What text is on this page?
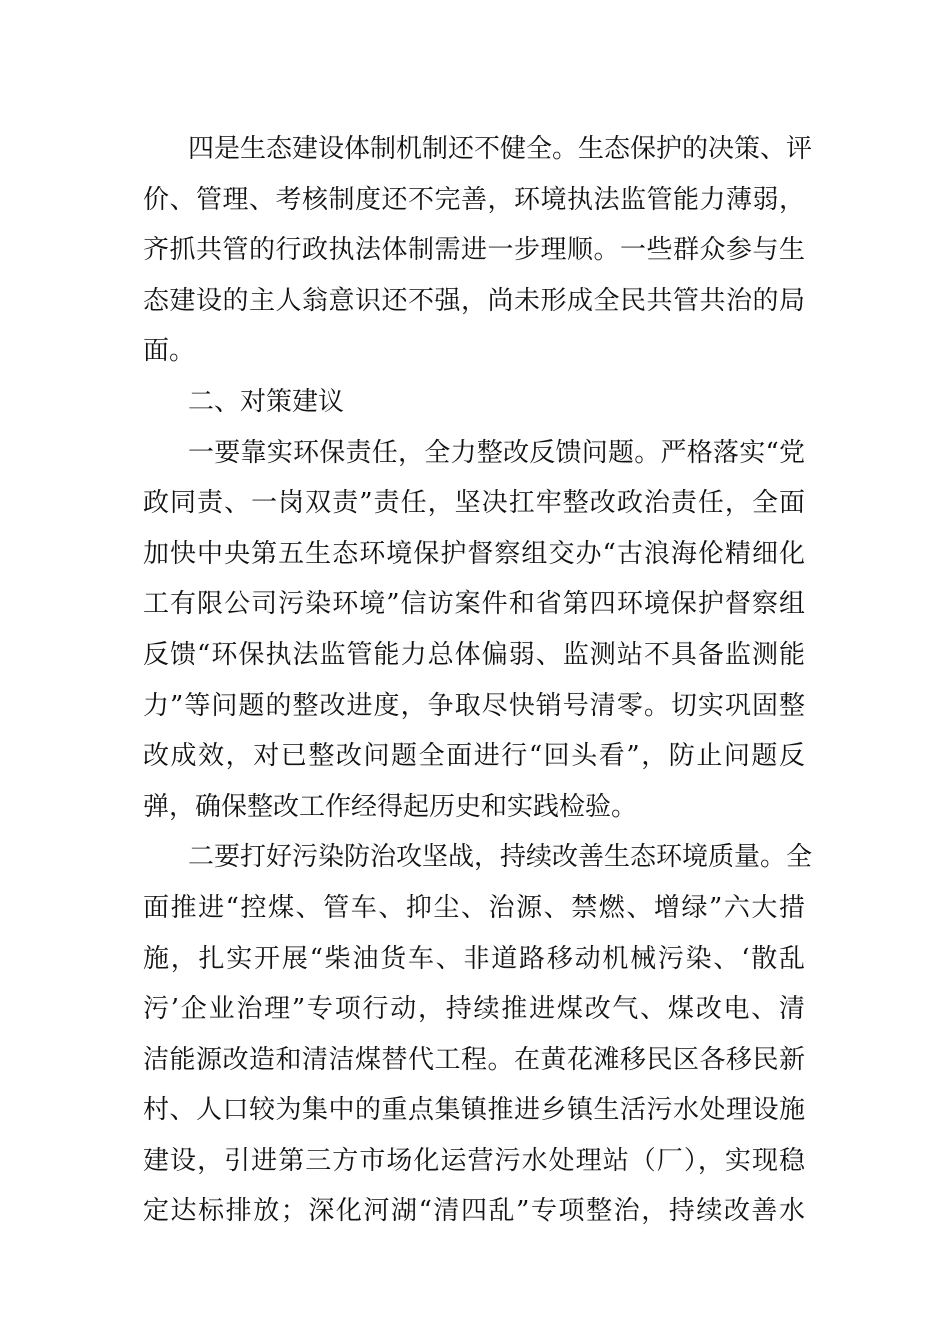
四是生态建设体制机制还不健全。生态保护的决策、评
价、管理、考核制度还不完善，环境执法监管能力薄弱，
齐抓共管的行政执法体制需进一步理顺。一些群众参与生
态建设的主人翁意识还不强，尚未形成全民共管共治的局
面。
二、对策建议
一要靠实环保责任，全力整改反馈问题。严格落实“党
政同责、一岗双责”责任，坚决扛牢整改政治责任，全面
加快中央第五生态环境保护督察组交办“古浪海伦精细化
工有限公司污染环境”信访案件和省第四环境保护督察组
反馈“环保执法监管能力总体偏弱、监测站不具备监测能
力”等问题的整改进度，争取尽快销号清零。切实巩固整
改成效，对已整改问题全面进行“回头看”，防止问题反
弹，确保整改工作经得起历史和实践检验。
二要打好污染防治攻坚战，持续改善生态环境质量。全
面推进“控煤、管车、抑尘、治源、禁燃、增绿”六大措
施，扎实开展“柴油货车、非道路移动机械污染、‘散乱
污’企业治理”专项行动，持续推进煤改气、煤改电、清
洁能源改造和清洁煤替代工程。在黄花滩移民区各移民新
村、人口较为集中的重点集镇推进乡镇生活污水处理设施
建设，引进第三方市场化运营污水处理站（厂），实现稳
定达标排放；深化河湖“清四乱”专项整治，持续改善水
